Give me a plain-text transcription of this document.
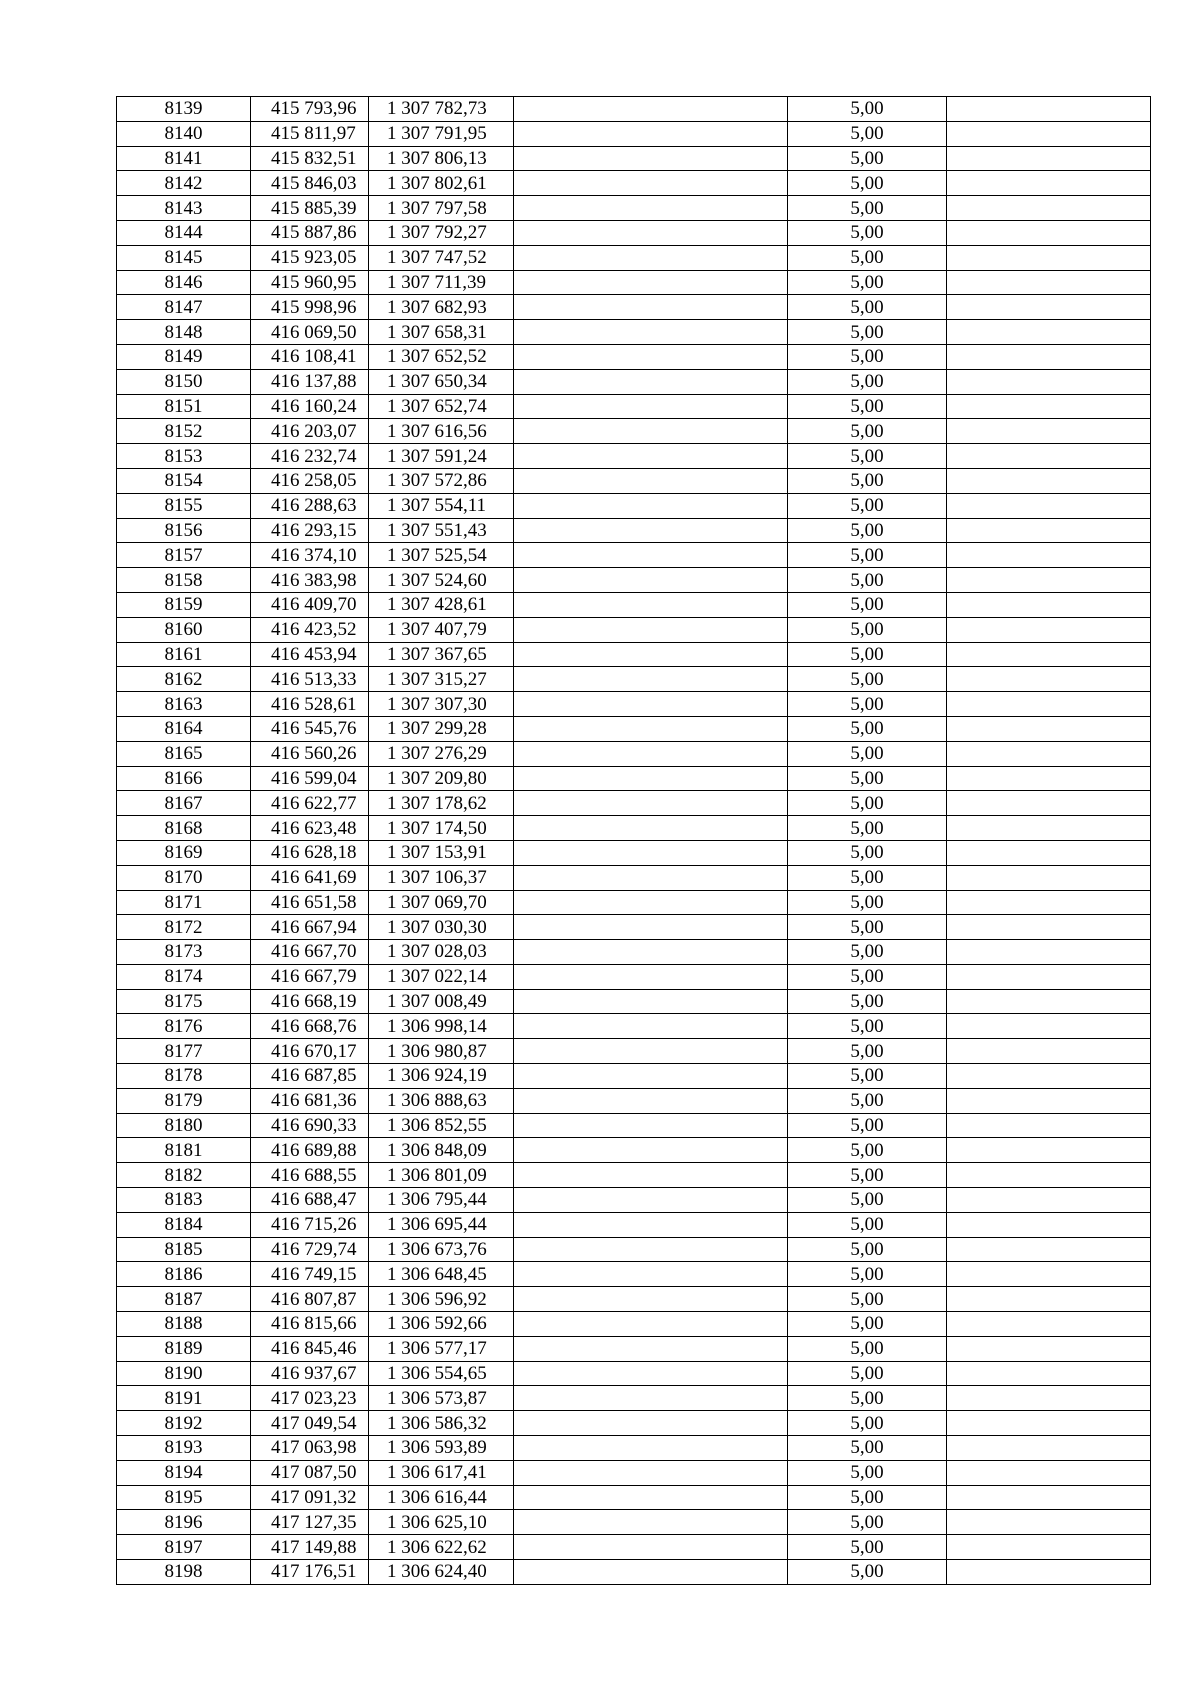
8139	415 793,96	1 307 782,73		5,00	
8140	415 811,97	1 307 791,95		5,00	
8141	415 832,51	1 307 806,13		5,00	
8142	415 846,03	1 307 802,61		5,00	
8143	415 885,39	1 307 797,58		5,00	
8144	415 887,86	1 307 792,27		5,00	
8145	415 923,05	1 307 747,52		5,00	
8146	415 960,95	1 307 711,39		5,00	
8147	415 998,96	1 307 682,93		5,00	
8148	416 069,50	1 307 658,31		5,00	
8149	416 108,41	1 307 652,52		5,00	
8150	416 137,88	1 307 650,34		5,00	
8151	416 160,24	1 307 652,74		5,00	
8152	416 203,07	1 307 616,56		5,00	
8153	416 232,74	1 307 591,24		5,00	
8154	416 258,05	1 307 572,86		5,00	
8155	416 288,63	1 307 554,11		5,00	
8156	416 293,15	1 307 551,43		5,00	
8157	416 374,10	1 307 525,54		5,00	
8158	416 383,98	1 307 524,60		5,00	
8159	416 409,70	1 307 428,61		5,00	
8160	416 423,52	1 307 407,79		5,00	
8161	416 453,94	1 307 367,65		5,00	
8162	416 513,33	1 307 315,27		5,00	
8163	416 528,61	1 307 307,30		5,00	
8164	416 545,76	1 307 299,28		5,00	
8165	416 560,26	1 307 276,29		5,00	
8166	416 599,04	1 307 209,80		5,00	
8167	416 622,77	1 307 178,62		5,00	
8168	416 623,48	1 307 174,50		5,00	
8169	416 628,18	1 307 153,91		5,00	
8170	416 641,69	1 307 106,37		5,00	
8171	416 651,58	1 307 069,70		5,00	
8172	416 667,94	1 307 030,30		5,00	
8173	416 667,70	1 307 028,03		5,00	
8174	416 667,79	1 307 022,14		5,00	
8175	416 668,19	1 307 008,49		5,00	
8176	416 668,76	1 306 998,14		5,00	
8177	416 670,17	1 306 980,87		5,00	
8178	416 687,85	1 306 924,19		5,00	
8179	416 681,36	1 306 888,63		5,00	
8180	416 690,33	1 306 852,55		5,00	
8181	416 689,88	1 306 848,09		5,00	
8182	416 688,55	1 306 801,09		5,00	
8183	416 688,47	1 306 795,44		5,00	
8184	416 715,26	1 306 695,44		5,00	
8185	416 729,74	1 306 673,76		5,00	
8186	416 749,15	1 306 648,45		5,00	
8187	416 807,87	1 306 596,92		5,00	
8188	416 815,66	1 306 592,66		5,00	
8189	416 845,46	1 306 577,17		5,00	
8190	416 937,67	1 306 554,65		5,00	
8191	417 023,23	1 306 573,87		5,00	
8192	417 049,54	1 306 586,32		5,00	
8193	417 063,98	1 306 593,89		5,00	
8194	417 087,50	1 306 617,41		5,00	
8195	417 091,32	1 306 616,44		5,00	
8196	417 127,35	1 306 625,10		5,00	
8197	417 149,88	1 306 622,62		5,00	
8198	417 176,51	1 306 624,40		5,00	
